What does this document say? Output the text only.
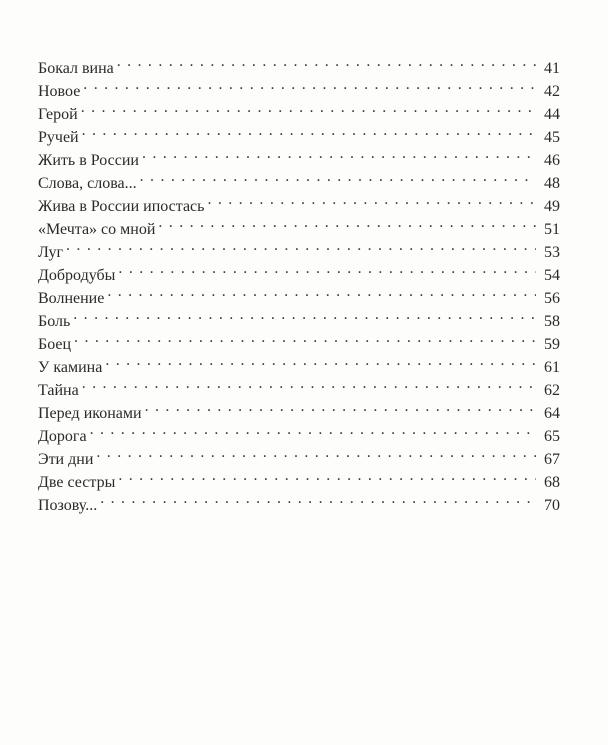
Бокал вина . . .	41
Новое . . .	42
Герой . . .	44
Ручей . . .	45
Жить в России . . .	46
Слова, слова... . . .	48
Жива в России ипостась . . .	49
«Мечта» со мной . . .	51
Луг . . .	53
Добродубы . . .	54
Волнение . . .	56
Боль . . .	58
Боец . . .	59
У камина . . .	61
Тайна . . .	62
Перед иконами . . .	64
Дорога . . .	65
Эти дни . . .	67
Две сестры . . .	68
Позову... . . .	70
